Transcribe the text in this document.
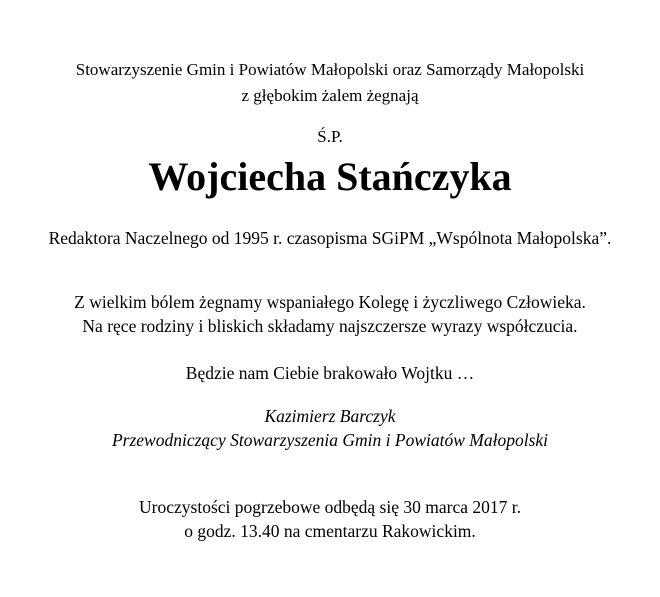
Stowarzyszenie Gmin i Powiatów Małopolski oraz Samorządy Małopolski
z głębokim żalem żegnają
Ś.P.
Wojciecha Stańczyka
Redaktora Naczelnego od 1995 r. czasopisma SGiPM „Wspólnota Małopolska”.
Z wielkim bólem żegnamy wspaniałego Kolegę i życzliwego Człowieka.
Na ręce rodziny i bliskich składamy najszczersze wyrazy współczucia.
Będzie nam Ciebie brakowało Wojtku …
Kazimierz Barczyk
Przewodniczący Stowarzyszenia Gmin i Powiatów Małopolski
Uroczystości pogrzebowe odbędą się 30 marca 2017 r.
o godz. 13.40 na cmentarzu Rakowickim.
